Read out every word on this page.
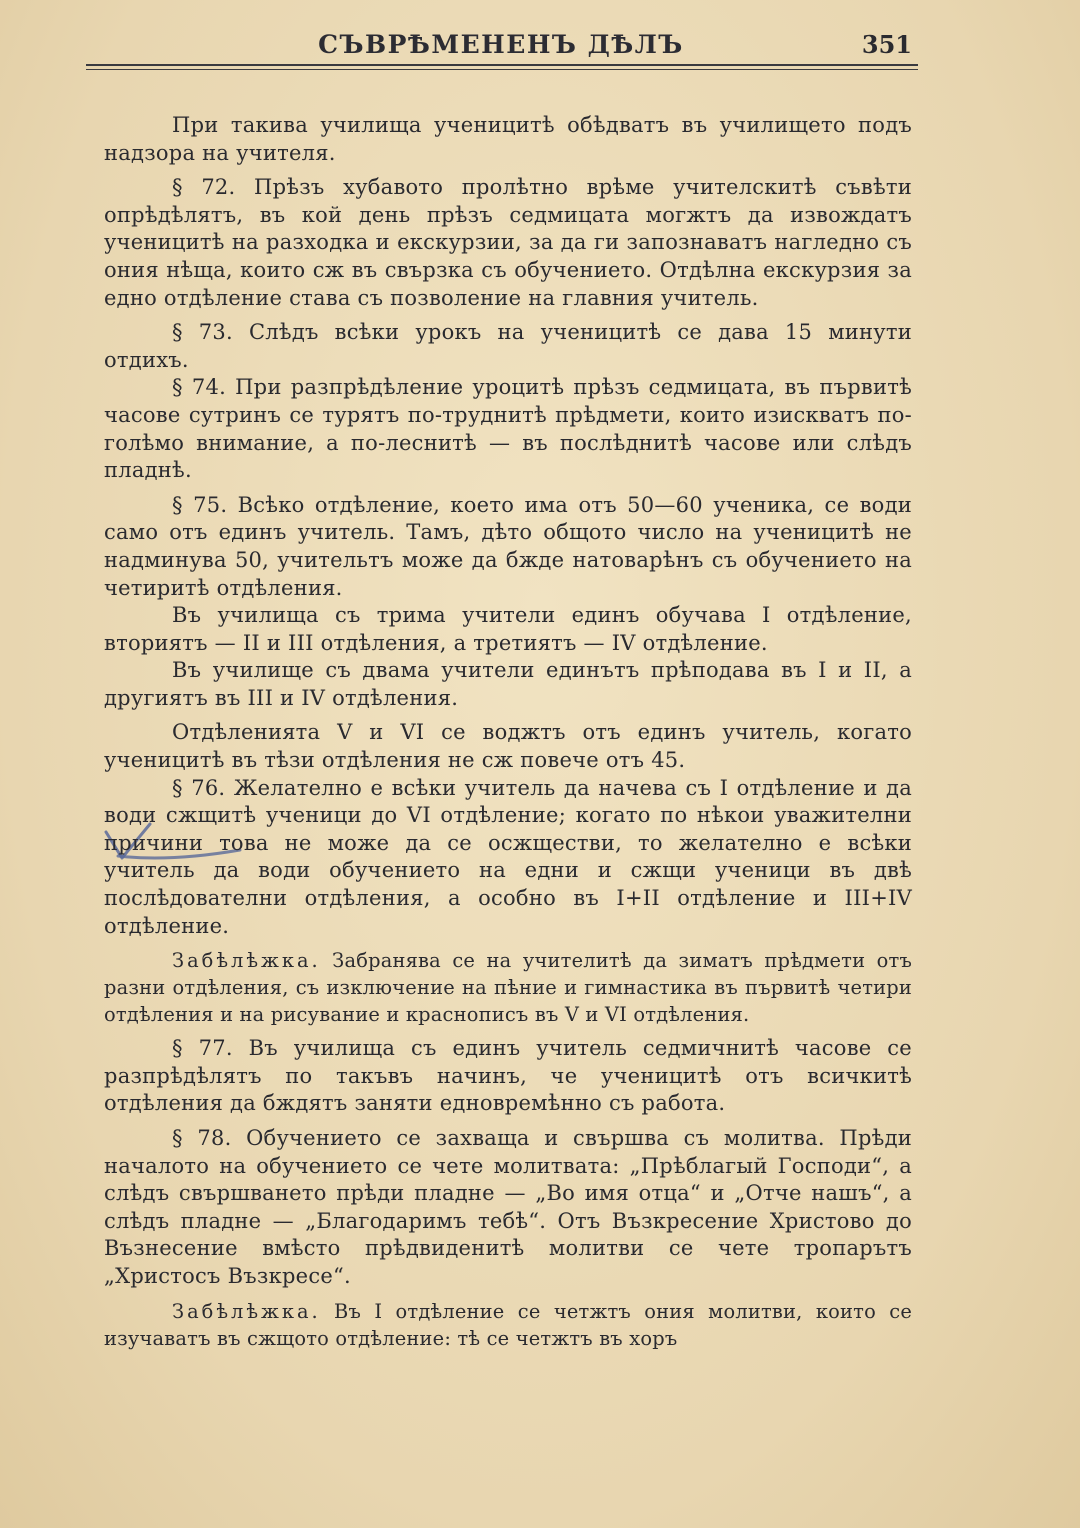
СЪВРѢМЕНЕНЪ ДѢЛЪ	351

При такива училища ученицитѣ обѣдватъ въ училището подъ надзора на учителя.

§ 72. Прѣзъ хубавото пролѣтно врѣме учителскитѣ съвѣти опрѣдѣлятъ, въ кой день прѣзъ седмицата могжтъ да извождатъ ученицитѣ на разходка и екскурзии, за да ги запознаватъ нагледно съ ония нѣща, които сж въ свързка съ обучението. Отдѣлна екскурзия за едно отдѣление става съ позволение на главния учитель.

§ 73. Слѣдъ всѣки урокъ на ученицитѣ се дава 15 минути отдихъ.

§ 74. При разпрѣдѣление уроцитѣ прѣзъ седмицата, въ първитѣ часове сутринъ се турятъ по-труднитѣ прѣдмети, които изискватъ по-голѣмо внимание, а по-леснитѣ — въ послѣднитѣ часове или слѣдъ пладнѣ.

§ 75. Всѣко отдѣление, което има отъ 50—60 ученика, се води само отъ единъ учитель. Тамъ, дѣто общото число на ученицитѣ не надминува 50, учительтъ може да бжде натоварѣнъ съ обучението на четиритѣ отдѣления.

Въ училища съ трима учители единъ обучава I отдѣление, вториятъ — II и III отдѣления, а третиятъ — IV отдѣление.

Въ училище съ двама учители единътъ прѣподава въ I и II, а другиятъ въ III и IV отдѣления.

Отдѣленията V и VI се воджтъ отъ единъ учитель, когато ученицитѣ въ тѣзи отдѣления не сж повече отъ 45.

§ 76. Желателно е всѣки учитель да начева съ I отдѣление и да води сжщитѣ ученици до VI отдѣление; когато по нѣкои уважителни причини това не може да се осжществи, то желателно е всѣки учитель да води обучението на едни и сжщи ученици въ двѣ послѣдователни отдѣления, а особно въ I+II отдѣление и III+IV отдѣление.

Забѣлѣжка. Забранява се на учителитѣ да зиматъ прѣдмети отъ разни отдѣления, съ изключение на пѣние и гимнастика въ първитѣ четири отдѣления и на рисувание и краснописъ въ V и VI отдѣления.

§ 77. Въ училища съ единъ учитель седмичнитѣ часове се разпрѣдѣлятъ по такъвъ начинъ, че ученицитѣ отъ всичкитѣ отдѣления да бждятъ заняти едновремѣнно съ работа.

§ 78. Обучението се захваща и свършва съ молитва. Прѣди началото на обучението се чете молитвата: „Прѣблагый Господи“, а слѣдъ свършването прѣди пладне — „Во имя отца“ и „Отче нашъ“, а слѣдъ пладне — „Благодаримъ тебѣ“. Отъ Възкресение Христово до Възнесение вмѣсто прѣдвиденитѣ молитви се чете тропарътъ „Христосъ Възкресе“.

Забѣлѣжка. Въ I отдѣление се четжтъ ония молитви, които се изучаватъ въ сжщото отдѣление: тѣ се четжтъ въ хоръ
